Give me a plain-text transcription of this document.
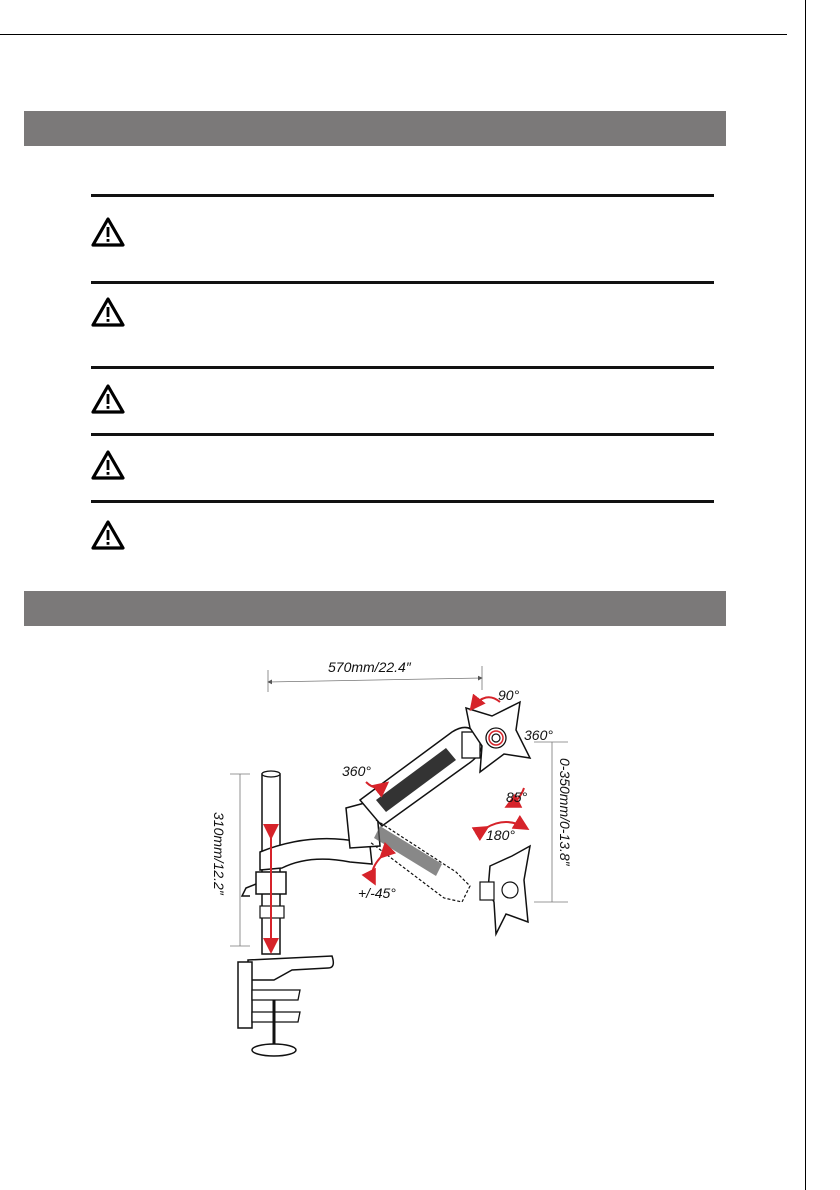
570mm/22.4″
310mm/12.2″	0-350mm/0-13.8″
90°
360°
360°
85°
180°
+/-45°
